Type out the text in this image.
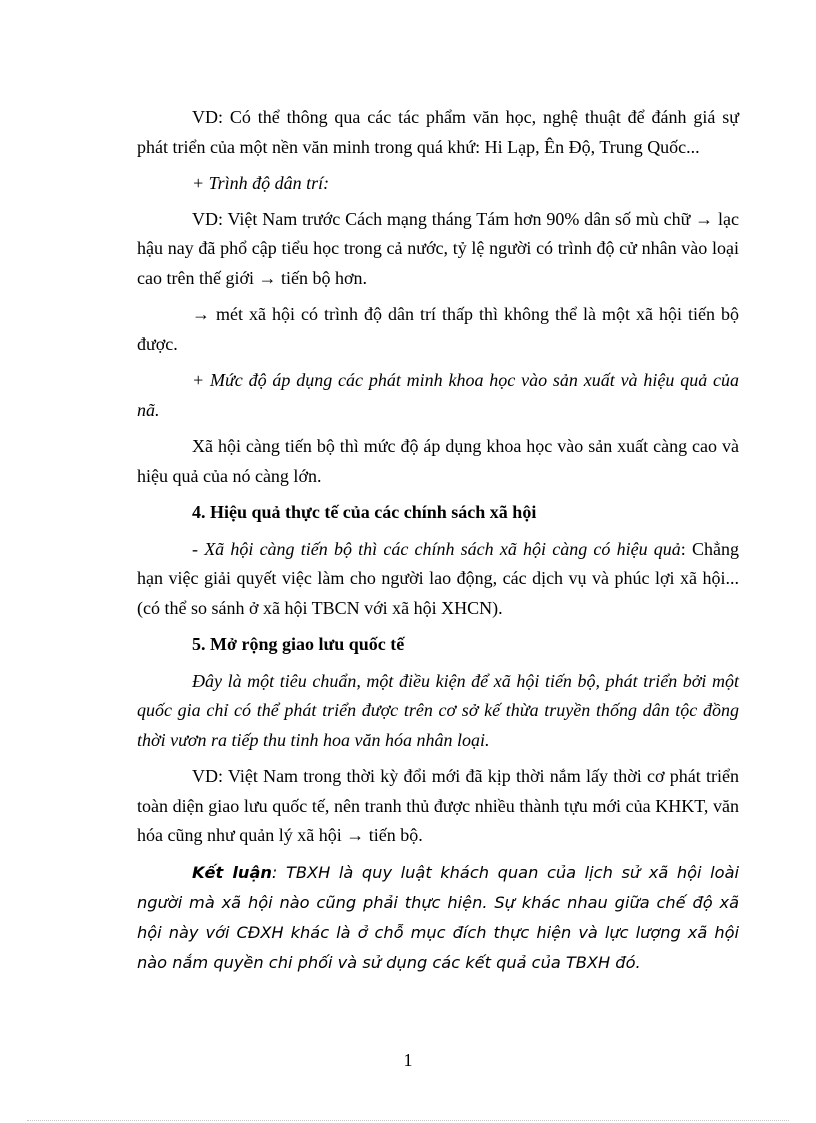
VD: Có thể thông qua các tác phẩm văn học, nghệ thuật để đánh giá sự phát triển của một nền văn minh trong quá khứ: Hi Lạp, Ên Độ, Trung Quốc...

+ Trình độ dân trí:

VD: Việt Nam trước Cách mạng tháng Tám hơn 90% dân số mù chữ → lạc hậu nay đã phổ cập tiểu học trong cả nước, tỷ lệ người có trình độ cử nhân vào loại cao trên thế giới → tiến bộ hơn.

→ mét xã hội có trình độ dân trí thấp thì không thể là một xã hội tiến bộ được.

+ Mức độ áp dụng các phát minh khoa học vào sản xuất và hiệu quả của nã.

Xã hội càng tiến bộ thì mức độ áp dụng khoa học vào sản xuất càng cao và hiệu quả của nó càng lớn.

4. Hiệu quả thực tế của các chính sách xã hội

- Xã hội càng tiến bộ thì các chính sách xã hội càng có hiệu quả: Chẳng hạn việc giải quyết việc làm cho người lao động, các dịch vụ và phúc lợi xã hội... (có thể so sánh ở xã hội TBCN với xã hội XHCN).

5. Mở rộng giao lưu quốc tế

Đây là một tiêu chuẩn, một điều kiện để xã hội tiến bộ, phát triển bởi một quốc gia chỉ có thể phát triển được trên cơ sở kế thừa truyền thống dân tộc đồng thời vươn ra tiếp thu tinh hoa văn hóa nhân loại.

VD: Việt Nam trong thời kỳ đổi mới đã kịp thời nắm lấy thời cơ phát triển toàn diện giao lưu quốc tế, nên tranh thủ được nhiều thành tựu mới của KHKT, văn hóa cũng như quản lý xã hội → tiến bộ.

Kết luận: TBXH là quy luật khách quan của lịch sử xã hội loài người mà xã hội nào cũng phải thực hiện. Sự khác nhau giữa chế độ xã hội này với CĐXH khác là ở chỗ mục đích thực hiện và lực lượng xã hội nào nắm quyền chi phối và sử dụng các kết quả của TBXH đó.

1
